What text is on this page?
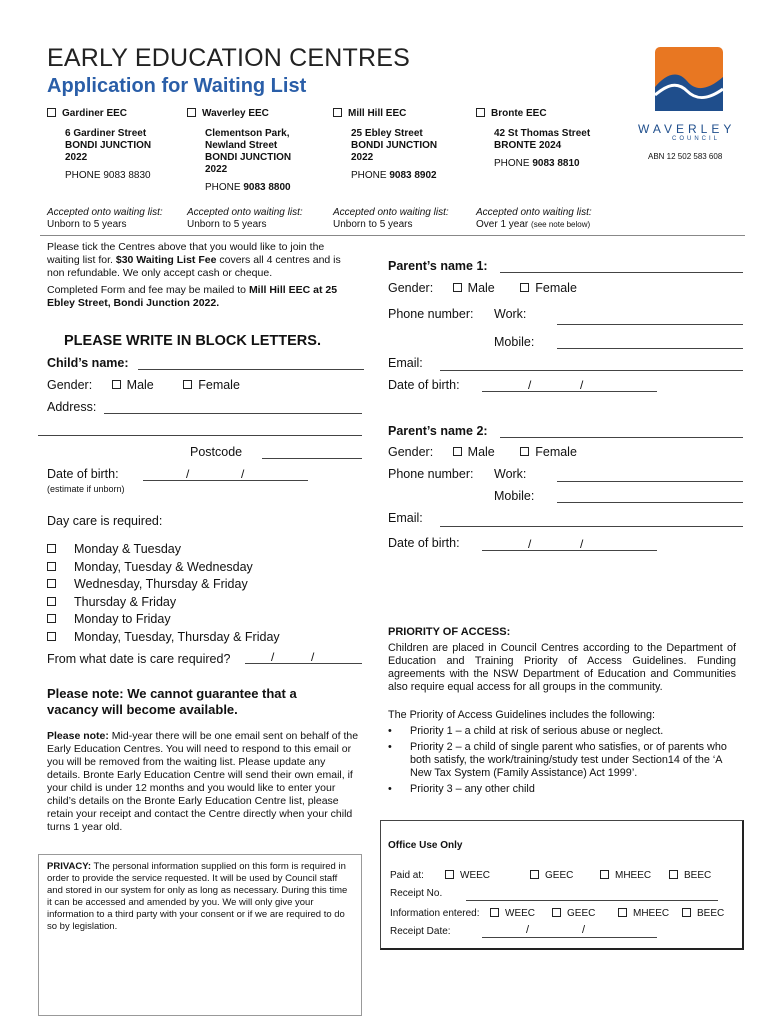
EARLY EDUCATION CENTRES
Application for Waiting List
WAVERLEY
COUNCIL
ABN 12 502 583 608
Gardiner EEC
6 Gardiner Street
BONDI JUNCTION
2022
PHONE 9083 8830
Waverley EEC
Clementson Park,
Newland Street
BONDI JUNCTION
2022
PHONE 9083 8800
Mill Hill EEC
25 Ebley Street
BONDI JUNCTION
2022
PHONE 9083 8902
Bronte EEC
42 St Thomas Street
BRONTE 2024
PHONE 9083 8810
Accepted onto waiting list:
Unborn to 5 years
Accepted onto waiting list:
Unborn to 5 years
Accepted onto waiting list:
Unborn to 5 years
Accepted onto waiting list:
Over 1 year (see note below)
Please tick the Centres above that you would like to join the waiting list for. $30 Waiting List Fee covers all 4 centres and is non refundable. We only accept cash or cheque.
Completed Form and fee may be mailed to Mill Hill EEC at 25 Ebley Street, Bondi Junction 2022.
PLEASE WRITE IN BLOCK LETTERS.
Child’s name:
Gender:	Male	Female
Address:
Postcode
Date of birth:	/	/
(estimate if unborn)
Day care is required:
Monday & Tuesday
Monday, Tuesday & Wednesday
Wednesday, Thursday & Friday
Thursday & Friday
Monday to Friday
Monday, Tuesday, Thursday & Friday
From what date is care required?	/	/
Please note: We cannot guarantee that a vacancy will become available.
Please note: Mid-year there will be one email sent on behalf of the Early Education Centres. You will need to respond to this email or you will be removed from the waiting list. Please update any details. Bronte Early Education Centre will send their own email, if your child is under 12 months and you would like to enter your child’s details on the Bronte Early Education Centre list, please retain your receipt and contact the Centre directly when your child turns 1 year old.
PRIVACY: The personal information supplied on this form is required in order to provide the service requested. It will be used by Council staff and stored in our system for only as long as necessary. During this time it can be accessed and amended by you. We will only give your information to a third party with your consent or if we are required to do so by legislation.
Parent’s name 1:
Gender:	Male	Female
Phone number: Work:
Mobile:
Email:
Date of birth:	/	/
Parent’s name 2:
Gender:	Male	Female
Phone number: Work:
Mobile:
Email:
Date of birth:	/	/
PRIORITY OF ACCESS:
Children are placed in Council Centres according to the Department of Education and Training Priority of Access Guidelines. Funding agreements with the NSW Department of Education and Communities also require equal access for all groups in the community.
The Priority of Access Guidelines includes the following:
•	Priority 1 – a child at risk of serious abuse or neglect.
•	Priority 2 – a child of single parent who satisfies, or of parents who both satisfy, the work/training/study test under Section14 of the ‘A New Tax System (Family Assistance) Act 1999’.
•	Priority 3 – any other child
Office Use Only
Paid at:	WEEC	GEEC	MHEEC	BEEC
Receipt No.
Information entered:	WEEC	GEEC	MHEEC	BEEC
Receipt Date:	/	/
